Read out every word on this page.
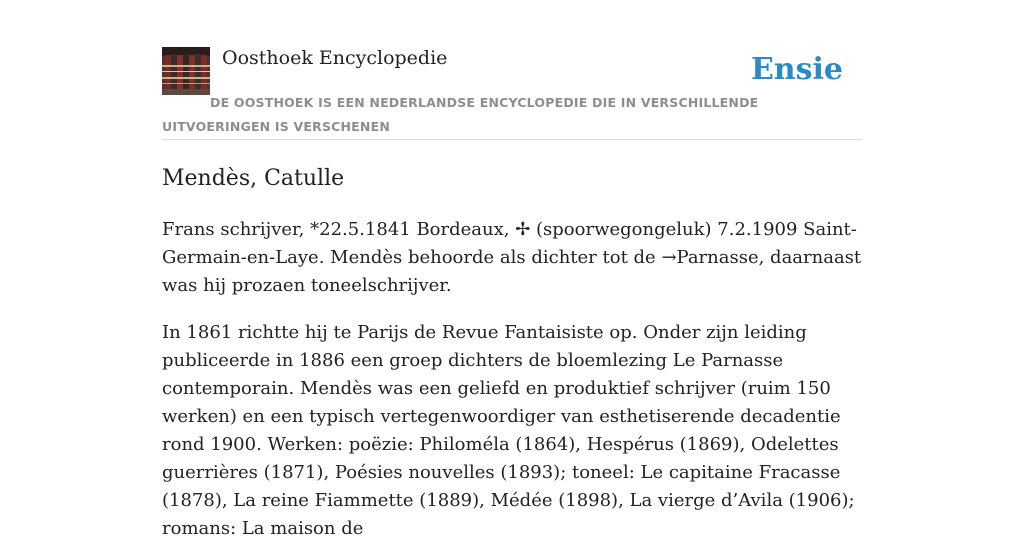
Oosthoek Encyclopedie	Ensie
DE OOSTHOEK IS EEN NEDERLANDSE ENCYCLOPEDIE DIE IN VERSCHILLENDE UITVOERINGEN IS VERSCHENEN
Mendès, Catulle

Frans schrijver, *22.5.1841 Bordeaux, ✢ (spoorwegongeluk) 7.2.1909 Saint-Germain-en-Laye. Mendès behoorde als dichter tot de →Parnasse, daarnaast was hij prozaen toneelschrijver.

In 1861 richtte hij te Parijs de Revue Fantaisiste op. Onder zijn leiding publiceerde in 1886 een groep dichters de bloemlezing Le Parnasse contemporain. Mendès was een geliefd en produktief schrijver (ruim 150 werken) en een typisch vertegenwoordiger van esthetiserende decadentie rond 1900. Werken: poëzie: Philoméla (1864), Hespérus (1869), Odelettes guerrières (1871), Poésies nouvelles (1893); toneel: Le capitaine Fracasse (1878), La reine Fiammette (1889), Médée (1898), La vierge d’Avila (1906); romans: La maison de
